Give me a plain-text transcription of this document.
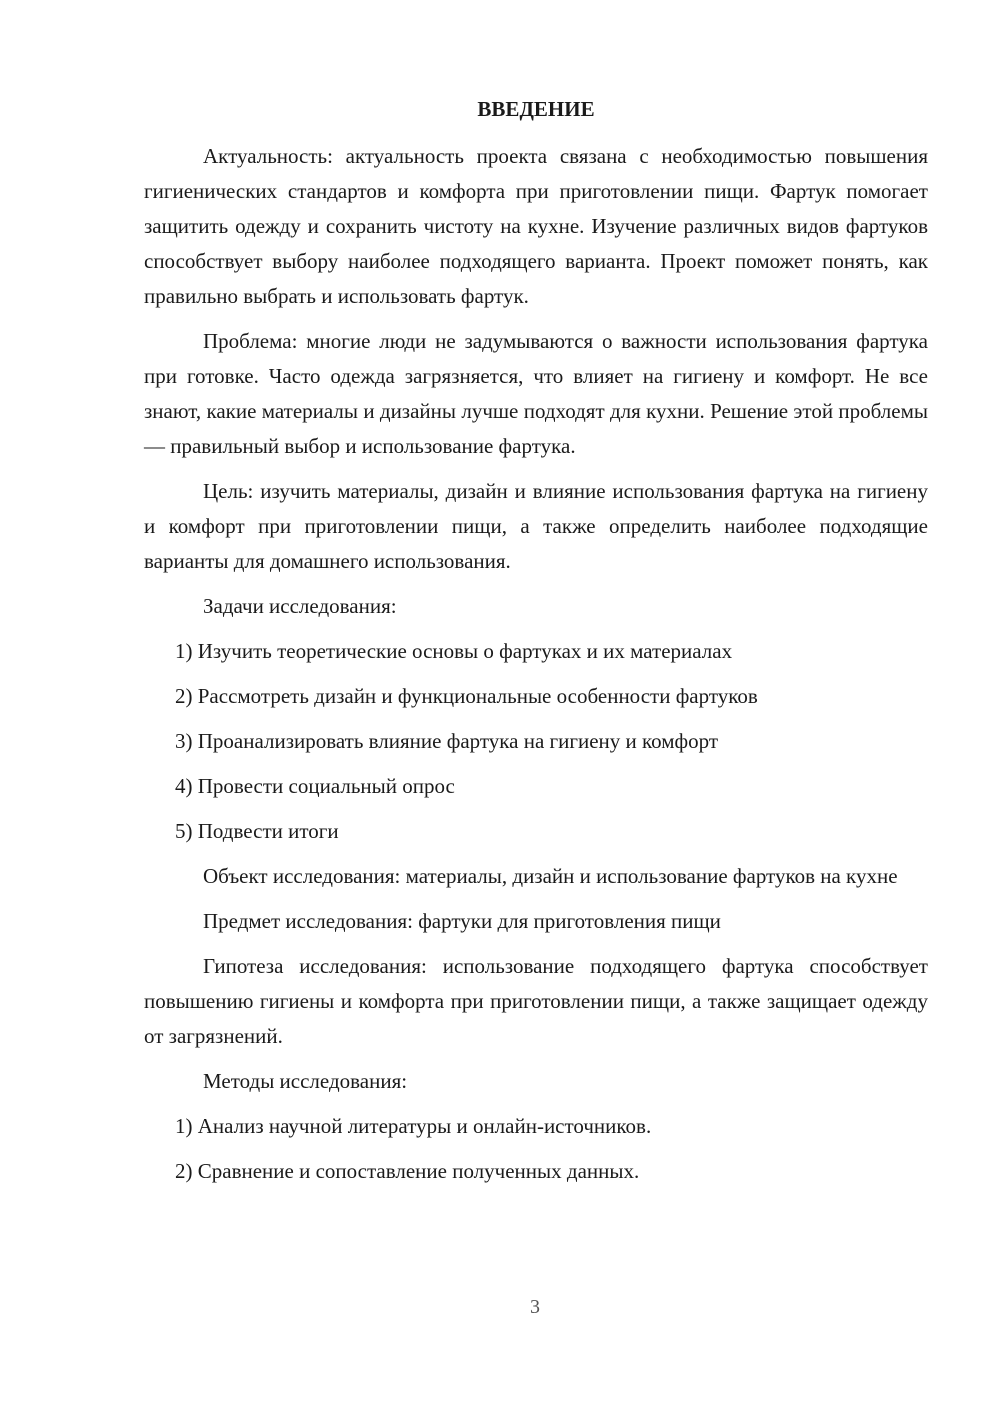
ВВЕДЕНИЕ

Актуальность: актуальность проекта связана с необходимостью повышения гигиенических стандартов и комфорта при приготовлении пищи. Фартук помогает защитить одежду и сохранить чистоту на кухне. Изучение различных видов фартуков способствует выбору наиболее подходящего варианта. Проект поможет понять, как правильно выбрать и использовать фартук.

Проблема: многие люди не задумываются о важности использования фартука при готовке. Часто одежда загрязняется, что влияет на гигиену и комфорт. Не все знают, какие материалы и дизайны лучше подходят для кухни. Решение этой проблемы — правильный выбор и использование фартука.

Цель: изучить материалы, дизайн и влияние использования фартука на гигиену и комфорт при приготовлении пищи, а также определить наиболее подходящие варианты для домашнего использования.

Задачи исследования:

1) Изучить теоретические основы о фартуках и их материалах
2) Рассмотреть дизайн и функциональные особенности фартуков
3) Проанализировать влияние фартука на гигиену и комфорт
4) Провести социальный опрос
5) Подвести итоги

Объект исследования: материалы, дизайн и использование фартуков на кухне

Предмет исследования: фартуки для приготовления пищи

Гипотеза исследования: использование подходящего фартука способствует повышению гигиены и комфорта при приготовлении пищи, а также защищает одежду от загрязнений.

Методы исследования:

1) Анализ научной литературы и онлайн-источников.
2) Сравнение и сопоставление полученных данных.
3
